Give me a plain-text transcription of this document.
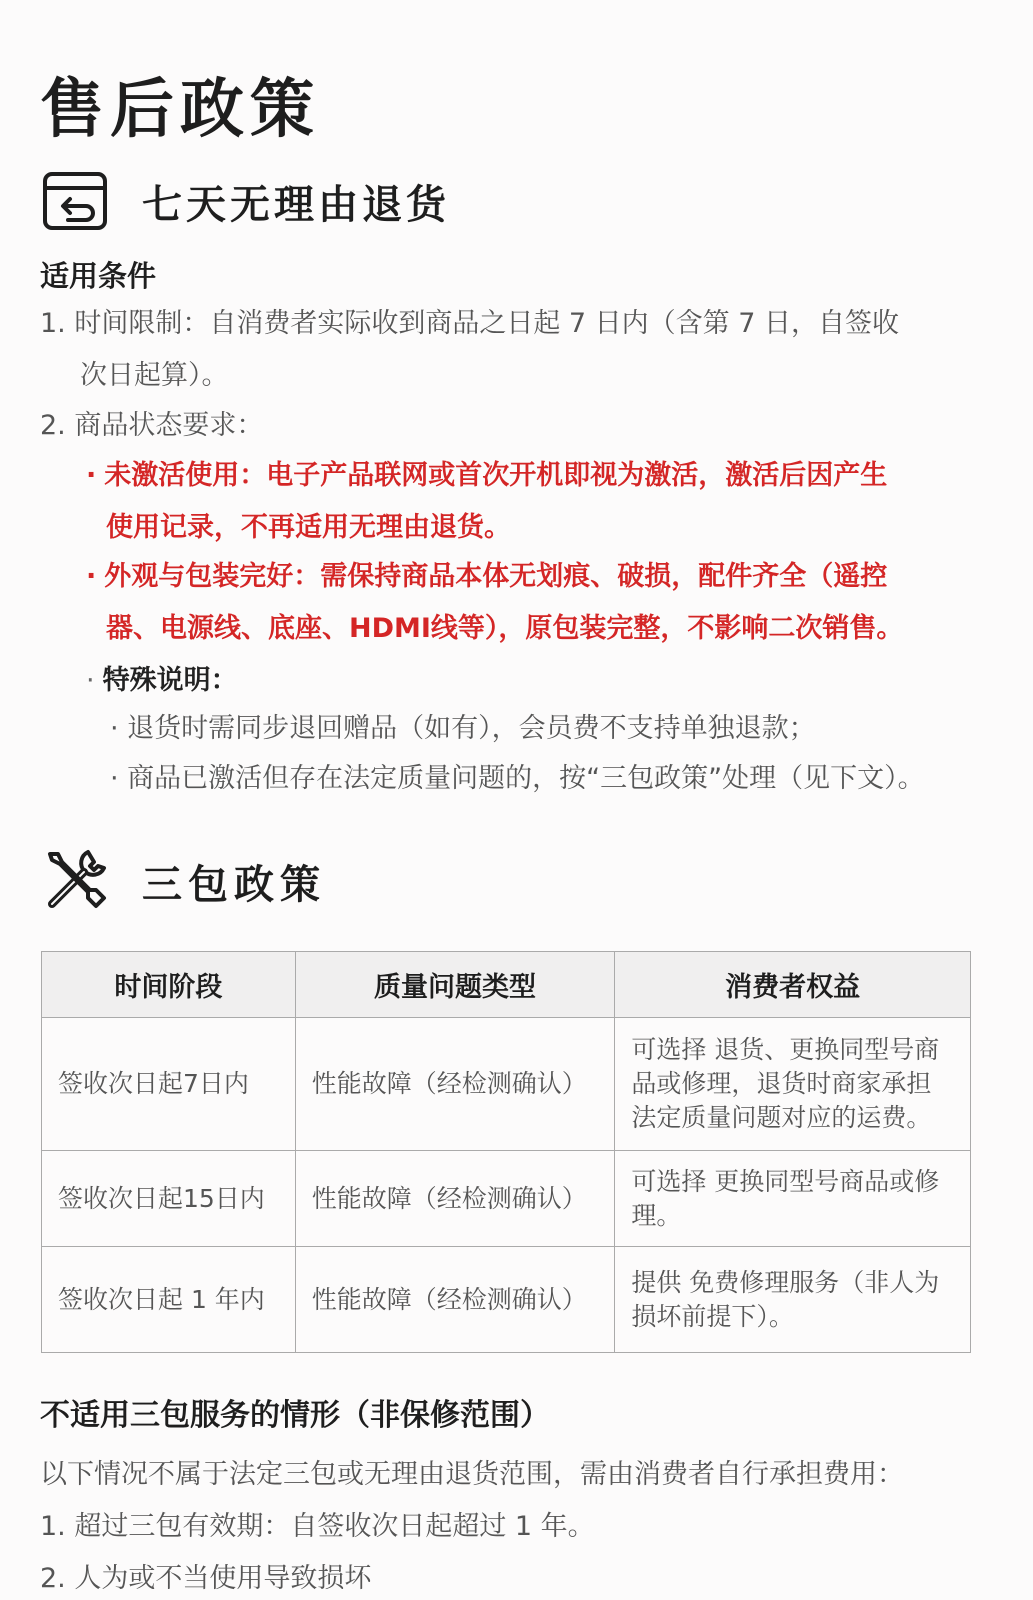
售后政策
七天无理由退货
适用条件
1. 时间限制：自消费者实际收到商品之日起 7 日内（含第 7 日，自签收
次日起算）。
2. 商品状态要求：
· 未激活使用：电子产品联网或首次开机即视为激活，激活后因产生
使用记录，不再适用无理由退货。
· 外观与包装完好：需保持商品本体无划痕、破损，配件齐全（遥控
器、电源线、底座、HDMI线等），原包装完整，不影响二次销售。
· 特殊说明：
· 退货时需同步退回赠品（如有），会员费不支持单独退款；
· 商品已激活但存在法定质量问题的，按“三包政策”处理（见下文）。
三包政策
时间阶段	质量问题类型	消费者权益
签收次日起7日内	性能故障（经检测确认）	可选择 退货、更换同型号商品或修理，退货时商家承担法定质量问题对应的运费。
签收次日起15日内	性能故障（经检测确认）	可选择 更换同型号商品或修理。
签收次日起 1 年内	性能故障（经检测确认）	提供 免费修理服务（非人为损坏前提下）。
不适用三包服务的情形（非保修范围）
以下情况不属于法定三包或无理由退货范围，需由消费者自行承担费用：
1. 超过三包有效期：自签收次日起超过 1 年。
2. 人为或不当使用导致损坏
